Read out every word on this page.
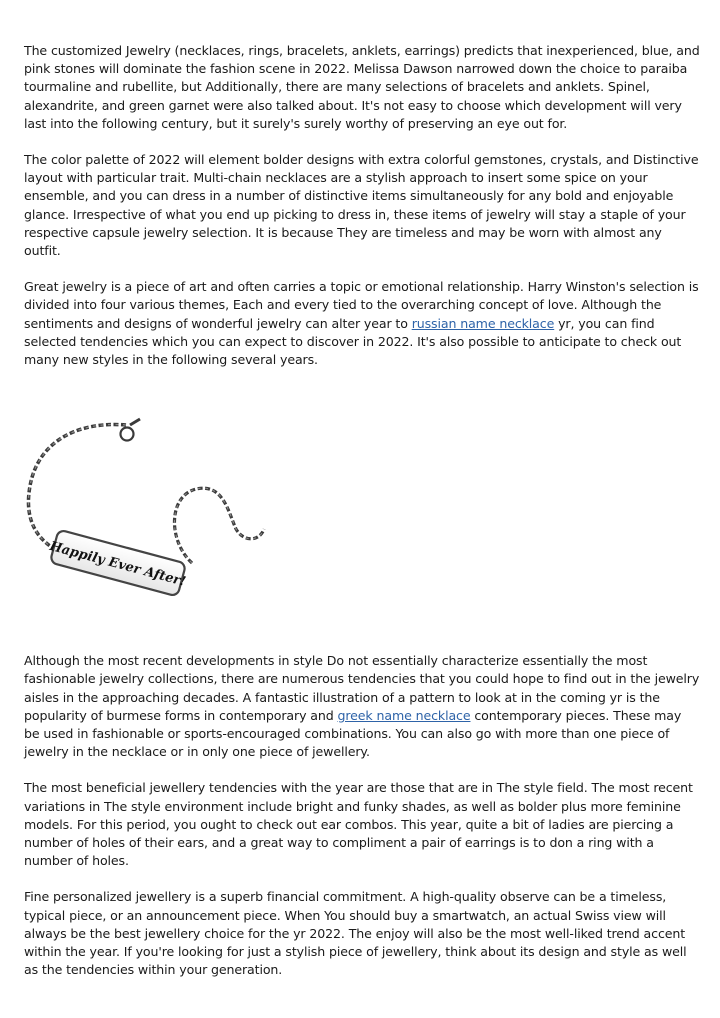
The customized Jewelry (necklaces, rings, bracelets, anklets, earrings) predicts that inexperienced, blue, and pink stones will dominate the fashion scene in 2022. Melissa Dawson narrowed down the choice to paraiba tourmaline and rubellite, but Additionally, there are many selections of bracelets and anklets. Spinel, alexandrite, and green garnet were also talked about. It's not easy to choose which development will very last into the following century, but it surely's surely worthy of preserving an eye out for.

The color palette of 2022 will element bolder designs with extra colorful gemstones, crystals, and Distinctive layout with particular trait. Multi-chain necklaces are a stylish approach to insert some spice on your ensemble, and you can dress in a number of distinctive items simultaneously for any bold and enjoyable glance. Irrespective of what you end up picking to dress in, these items of jewelry will stay a staple of your respective capsule jewelry selection. It is because They are timeless and may be worn with almost any outfit.

Great jewelry is a piece of art and often carries a topic or emotional relationship. Harry Winston's selection is divided into four various themes, Each and every tied to the overarching concept of love. Although the sentiments and designs of wonderful jewelry can alter year to russian name necklace yr, you can find selected tendencies which you can expect to discover in 2022. It's also possible to anticipate to check out many new styles in the following several years.

Happily Ever After!

Although the most recent developments in style Do not essentially characterize essentially the most fashionable jewelry collections, there are numerous tendencies that you could hope to find out in the jewelry aisles in the approaching decades. A fantastic illustration of a pattern to look at in the coming yr is the popularity of burmese forms in contemporary and greek name necklace contemporary pieces. These may be used in fashionable or sports-encouraged combinations. You can also go with more than one piece of jewelry in the necklace or in only one piece of jewellery.

The most beneficial jewellery tendencies with the year are those that are in The style field. The most recent variations in The style environment include bright and funky shades, as well as bolder plus more feminine models. For this period, you ought to check out ear combos. This year, quite a bit of ladies are piercing a number of holes of their ears, and a great way to compliment a pair of earrings is to don a ring with a number of holes.

Fine personalized jewellery is a superb financial commitment. A high-quality observe can be a timeless, typical piece, or an announcement piece. When You should buy a smartwatch, an actual Swiss view will always be the best jewellery choice for the yr 2022. The enjoy will also be the most well-liked trend accent within the year. If you're looking for just a stylish piece of jewellery, think about its design and style as well as the tendencies within your generation.
